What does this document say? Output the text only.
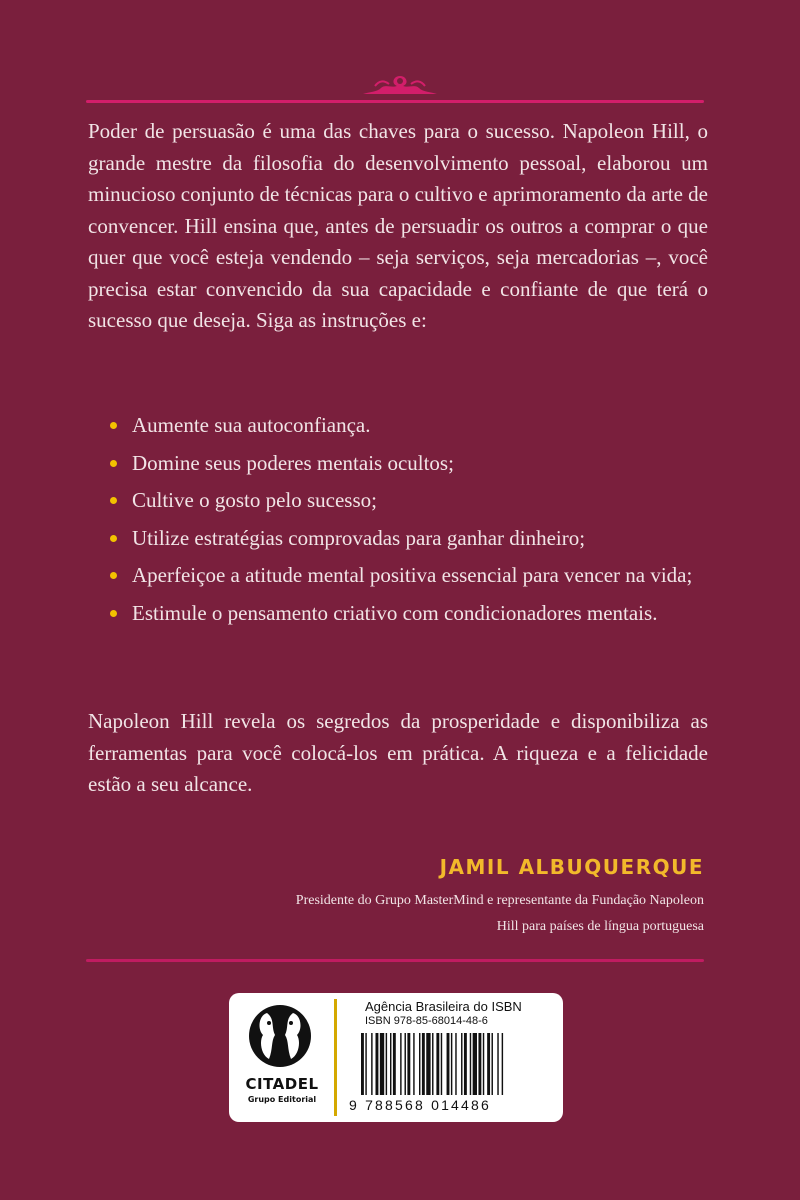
Poder de persuasão é uma das chaves para o sucesso. Napoleon Hill, o grande mestre da filosofia do desenvolvimento pessoal, elaborou um minucioso conjunto de técnicas para o cultivo e aprimoramento da arte de convencer. Hill ensina que, antes de persuadir os outros a comprar o que quer que você esteja vendendo – seja serviços, seja mercadorias –, você precisa estar convencido da sua capacidade e confiante de que terá o sucesso que deseja. Siga as instruções e:

Aumente sua autoconfiança.
Domine seus poderes mentais ocultos;
Cultive o gosto pelo sucesso;
Utilize estratégias comprovadas para ganhar dinheiro;
Aperfeiçoe a atitude mental positiva essencial para vencer na vida;
Estimule o pensamento criativo com condicionadores mentais.

Napoleon Hill revela os segredos da prosperidade e disponibiliza as ferramentas para você colocá-los em prática. A riqueza e a felicidade estão a seu alcance.

JAMIL ALBUQUERQUE
Presidente do Grupo MasterMind e representante da Fundação Napoleon Hill para países de língua portuguesa
CITADEL
Grupo Editorial
Agência Brasileira do ISBN
ISBN 978-85-68014-48-6
9 788568 014486
